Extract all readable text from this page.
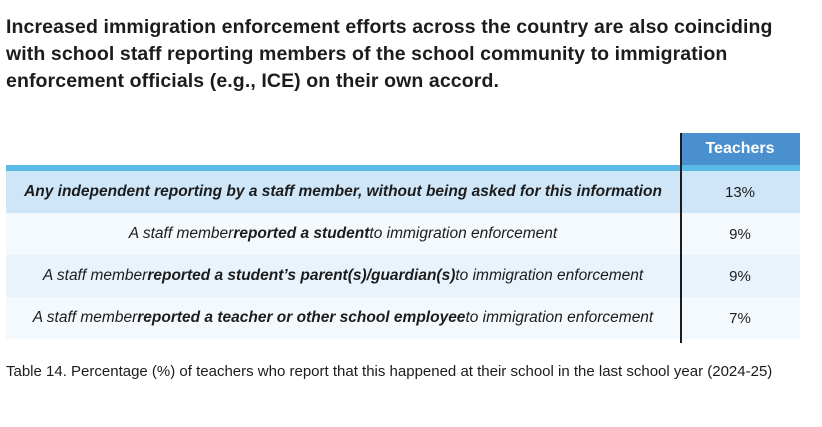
Increased immigration enforcement efforts across the country are also coinciding with school staff reporting members of the school community to immigration enforcement officials (e.g., ICE) on their own accord.
Teachers
Any independent reporting by a staff member, without being asked for this information	13%
A staff member reported a student to immigration enforcement	9%
A staff member reported a student’s parent(s)/guardian(s) to immigration enforcement	9%
A staff member reported a teacher or other school employee to immigration enforcement	7%
Table 14. Percentage (%) of teachers who report that this happened at their school in the last school year (2024-25)
